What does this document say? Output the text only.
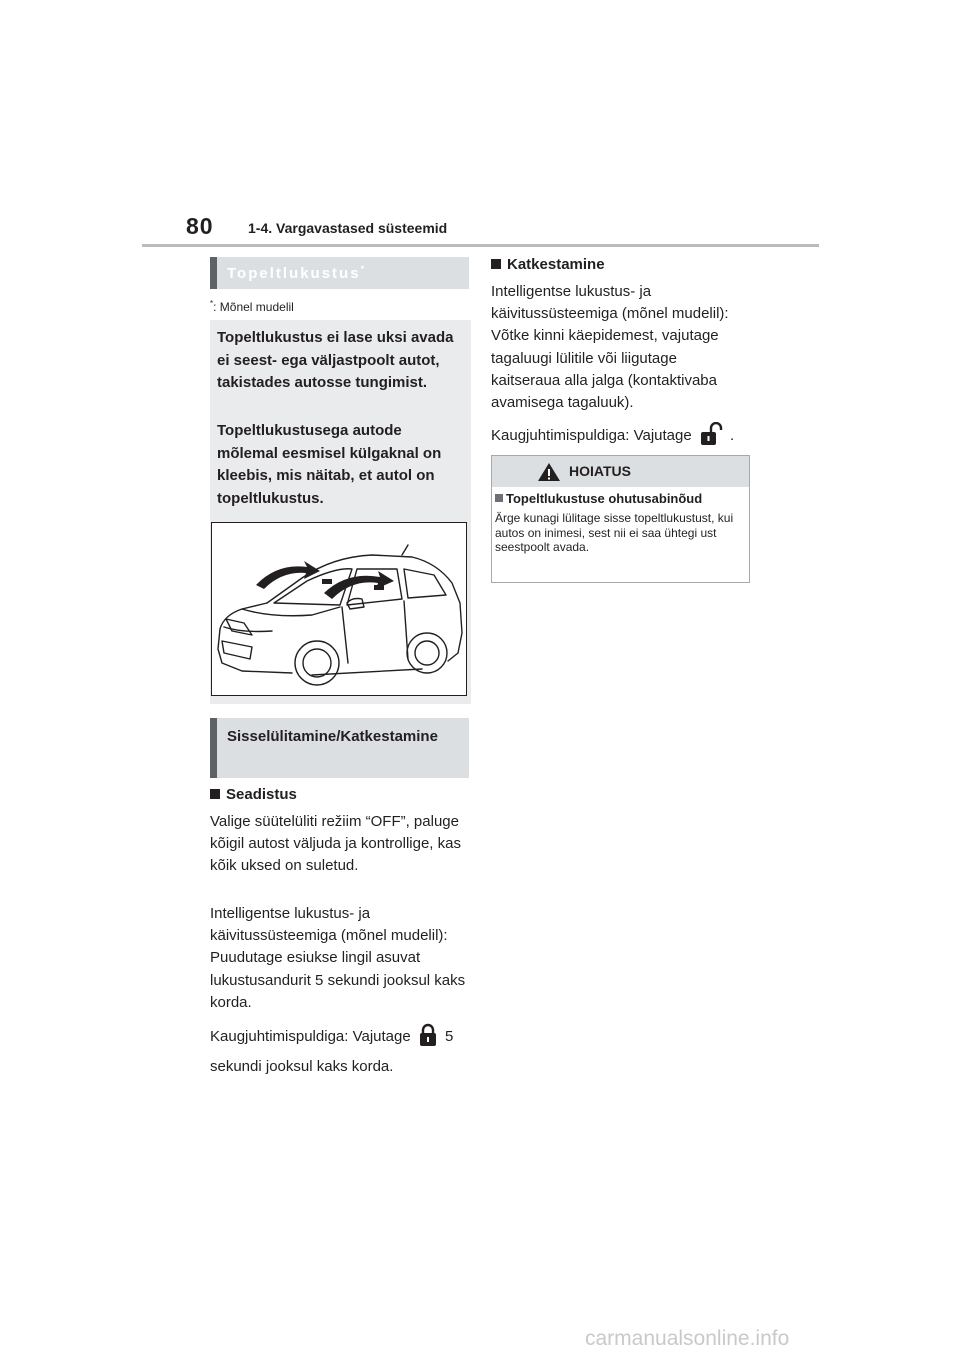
80 1-4. Vargavastased süsteemid
Topeltlukustus*
*: Mõnel mudelil
Topeltlukustus ei lase uksi avada ei seest- ega väljastpoolt autot, takistades autosse tungimist.
Topeltlukustusega autode mõlemal eesmisel külgaknal on kleebis, mis näitab, et autol on topeltlukustus.
Sisselülitamine/Katkestamine
Seadistus
Valige süütelüliti režiim “OFF”, paluge kõigil autost väljuda ja kontrollige, kas kõik uksed on suletud.
Intelligentse lukustus- ja käivitussüsteemiga (mõnel mudelil): Puudutage esiukse lingil asuvat lukustusandurit 5 sekundi jooksul kaks korda.
Kaugjuhtimispuldiga: Vajutage 5 sekundi jooksul kaks korda.
Katkestamine
Intelligentse lukustus- ja käivitussüsteemiga (mõnel mudelil): Võtke kinni käepidemest, vajutage tagaluugi lülitile või liigutage kaitseraua alla jalga (kontaktivaba avamisega tagaluuk).
Kaugjuhtimispuldiga: Vajutage	.
HOIATUS
Topeltlukustuse ohutusabinõud
Ärge kunagi lülitage sisse topeltlukustust, kui autos on inimesi, sest nii ei saa ühtegi ust seestpoolt avada.
carmanualsonline.info
